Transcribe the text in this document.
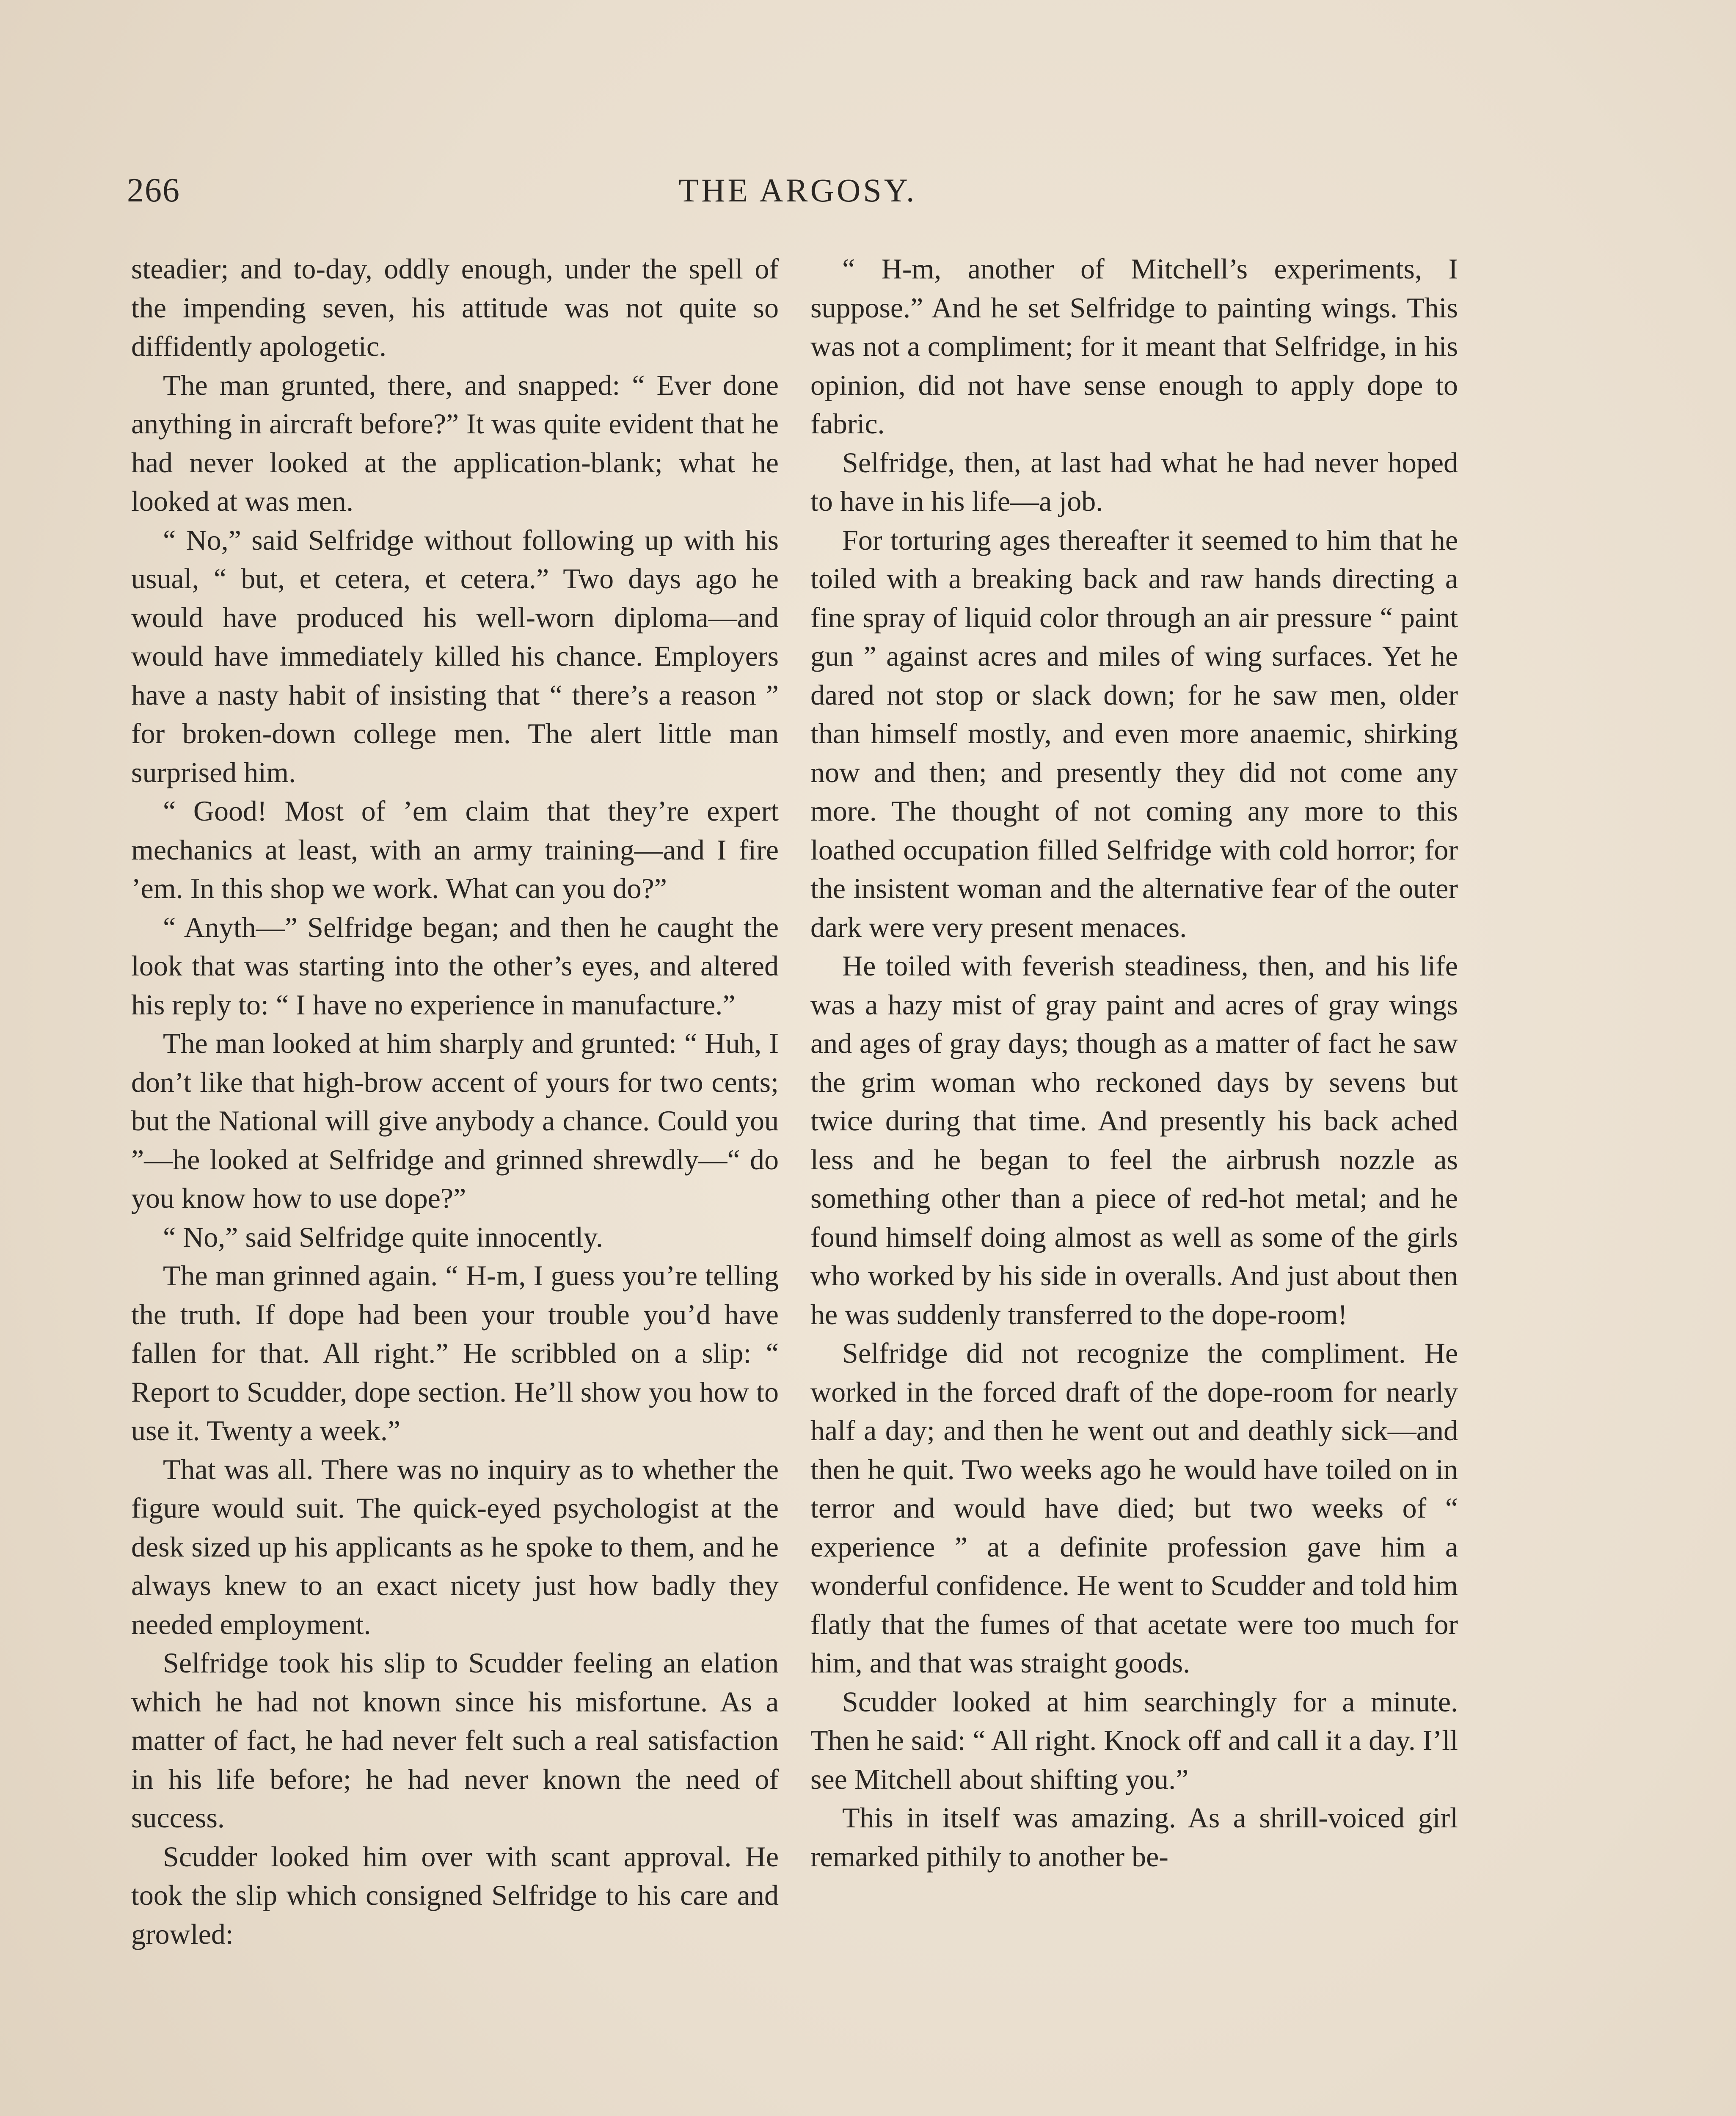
266	THE ARGOSY.

steadier; and to-day, oddly enough, under the spell of the impending seven, his attitude was not quite so diffidently apologetic.

The man grunted, there, and snapped: “ Ever done anything in aircraft before?” It was quite evident that he had never looked at the application-blank; what he looked at was men.

“ No,” said Selfridge without following up with his usual, “ but, et cetera, et cetera.” Two days ago he would have produced his well-worn diploma—and would have immediately killed his chance. Employers have a nasty habit of insisting that “ there’s a reason ” for broken-down college men. The alert little man surprised him.

“ Good! Most of ’em claim that they’re expert mechanics at least, with an army training—and I fire ’em. In this shop we work. What can you do?”

“ Anyth—” Selfridge began; and then he caught the look that was starting into the other’s eyes, and altered his reply to: “ I have no experience in manufacture.”

The man looked at him sharply and grunted: “ Huh, I don’t like that high-brow accent of yours for two cents; but the National will give anybody a chance. Could you ”—he looked at Selfridge and grinned shrewdly—“ do you know how to use dope?”

“ No,” said Selfridge quite innocently.

The man grinned again. “ H-m, I guess you’re telling the truth. If dope had been your trouble you’d have fallen for that. All right.” He scribbled on a slip: “ Report to Scudder, dope section. He’ll show you how to use it. Twenty a week.”

That was all. There was no inquiry as to whether the figure would suit. The quick-eyed psychologist at the desk sized up his applicants as he spoke to them, and he always knew to an exact nicety just how badly they needed employment.

Selfridge took his slip to Scudder feeling an elation which he had not known since his misfortune. As a matter of fact, he had never felt such a real satisfaction in his life before; he had never known the need of success.

Scudder looked him over with scant approval. He took the slip which consigned Selfridge to his care and growled:

“ H-m, another of Mitchell’s experiments, I suppose.” And he set Selfridge to painting wings. This was not a compliment; for it meant that Selfridge, in his opinion, did not have sense enough to apply dope to fabric.

Selfridge, then, at last had what he had never hoped to have in his life—a job.

For torturing ages thereafter it seemed to him that he toiled with a breaking back and raw hands directing a fine spray of liquid color through an air pressure “ paint gun ” against acres and miles of wing surfaces. Yet he dared not stop or slack down; for he saw men, older than himself mostly, and even more anaemic, shirking now and then; and presently they did not come any more. The thought of not coming any more to this loathed occupation filled Selfridge with cold horror; for the insistent woman and the alternative fear of the outer dark were very present menaces.

He toiled with feverish steadiness, then, and his life was a hazy mist of gray paint and acres of gray wings and ages of gray days; though as a matter of fact he saw the grim woman who reckoned days by sevens but twice during that time. And presently his back ached less and he began to feel the airbrush nozzle as something other than a piece of red-hot metal; and he found himself doing almost as well as some of the girls who worked by his side in overalls. And just about then he was suddenly transferred to the dope-room!

Selfridge did not recognize the compliment. He worked in the forced draft of the dope-room for nearly half a day; and then he went out and deathly sick—and then he quit. Two weeks ago he would have toiled on in terror and would have died; but two weeks of “ experience ” at a definite profession gave him a wonderful confidence. He went to Scudder and told him flatly that the fumes of that acetate were too much for him, and that was straight goods.

Scudder looked at him searchingly for a minute. Then he said: “ All right. Knock off and call it a day. I’ll see Mitchell about shifting you.”

This in itself was amazing. As a shrill-voiced girl remarked pithily to another be-
